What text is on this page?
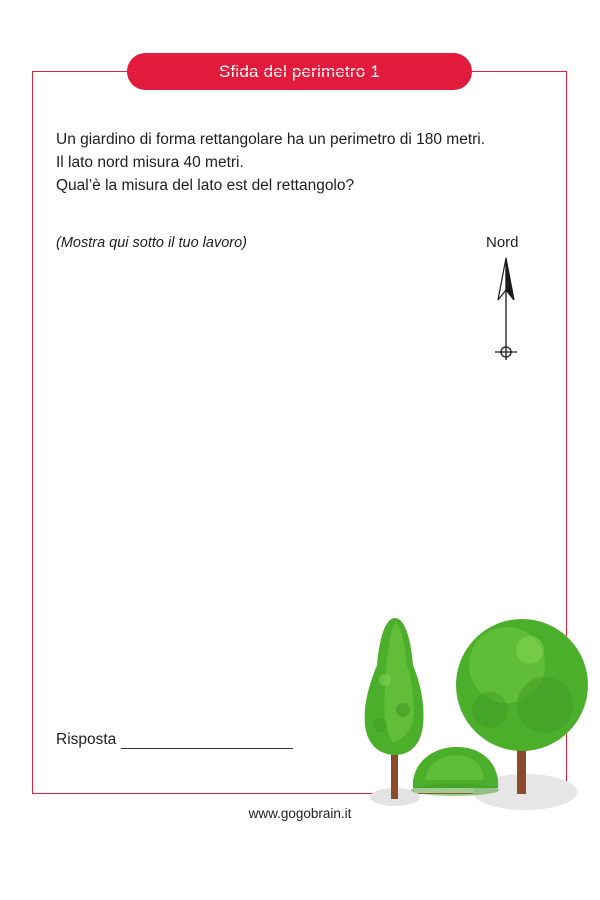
Sfida del perimetro 1

Un giardino di forma rettangolare ha un perimetro di 180 metri.

Il lato nord misura 40 metri.

Qual’è la misura del lato est del rettangolo?

(Mostra qui sotto il tuo lavoro)	Nord
Risposta
www.gogobrain.it
